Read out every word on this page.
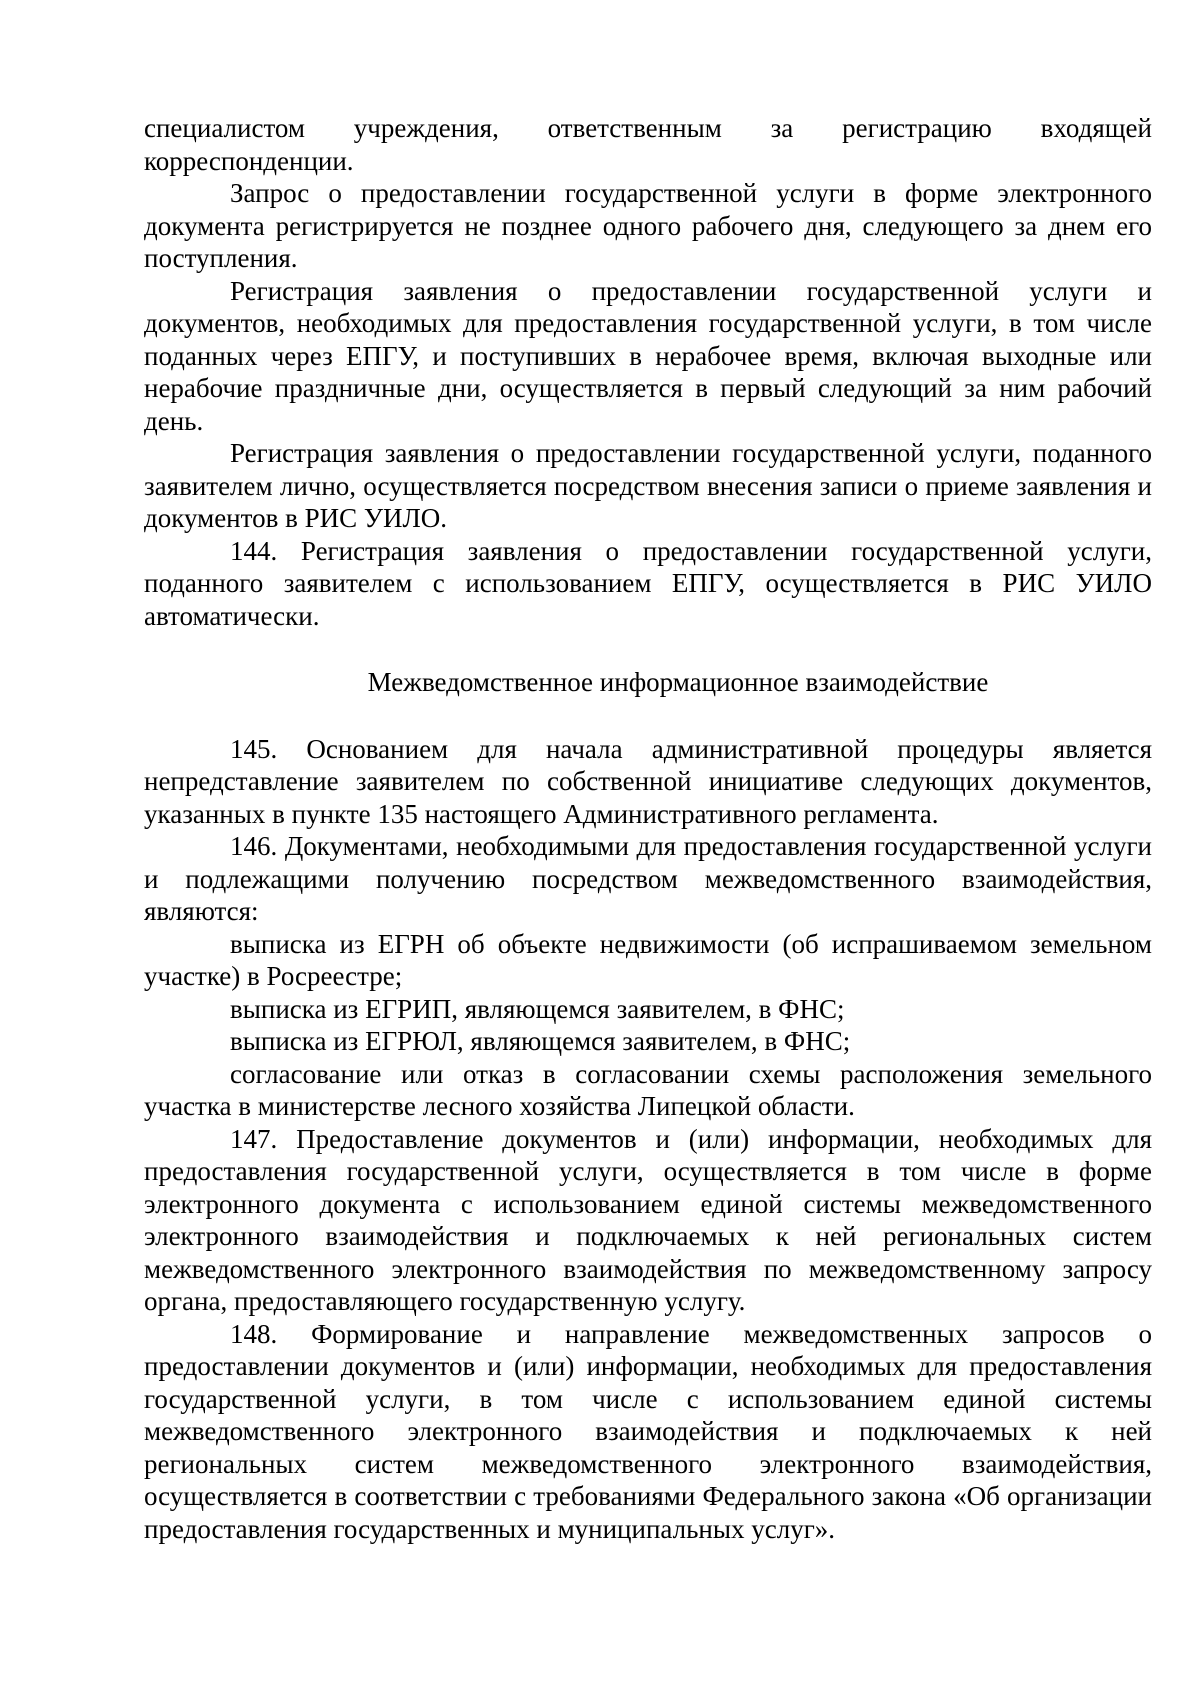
специалистом учреждения, ответственным за регистрацию входящей корреспонденции.

Запрос о предоставлении государственной услуги в форме электронного документа регистрируется не позднее одного рабочего дня, следующего за днем его поступления.

Регистрация заявления о предоставлении государственной услуги и документов, необходимых для предоставления государственной услуги, в том числе поданных через ЕПГУ, и поступивших в нерабочее время, включая выходные или нерабочие праздничные дни, осуществляется в первый следующий за ним рабочий день.

Регистрация заявления о предоставлении государственной услуги, поданного заявителем лично, осуществляется посредством внесения записи о приеме заявления и документов в РИС УИЛО.

144. Регистрация заявления о предоставлении государственной услуги, поданного заявителем с использованием ЕПГУ, осуществляется в РИС УИЛО автоматически.

Межведомственное информационное взаимодействие

145. Основанием для начала административной процедуры является непредставление заявителем по собственной инициативе следующих документов, указанных в пункте 135 настоящего Административного регламента.

146. Документами, необходимыми для предоставления государственной услуги и подлежащими получению посредством межведомственного взаимодействия, являются:

выписка из ЕГРН об объекте недвижимости (об испрашиваемом земельном участке) в Росреестре;

выписка из ЕГРИП, являющемся заявителем, в ФНС;

выписка из ЕГРЮЛ, являющемся заявителем, в ФНС;

согласование или отказ в согласовании схемы расположения земельного участка в министерстве лесного хозяйства Липецкой области.

147. Предоставление документов и (или) информации, необходимых для предоставления государственной услуги, осуществляется в том числе в форме электронного документа с использованием единой системы межведомственного электронного взаимодействия и подключаемых к ней региональных систем межведомственного электронного взаимодействия по межведомственному запросу органа, предоставляющего государственную услугу.

148. Формирование и направление межведомственных запросов о предоставлении документов и (или) информации, необходимых для предоставления государственной услуги, в том числе с использованием единой системы межведомственного электронного взаимодействия и подключаемых к ней региональных систем межведомственного электронного взаимодействия, осуществляется в соответствии с требованиями Федерального закона «Об организации предоставления государственных и муниципальных услуг».
